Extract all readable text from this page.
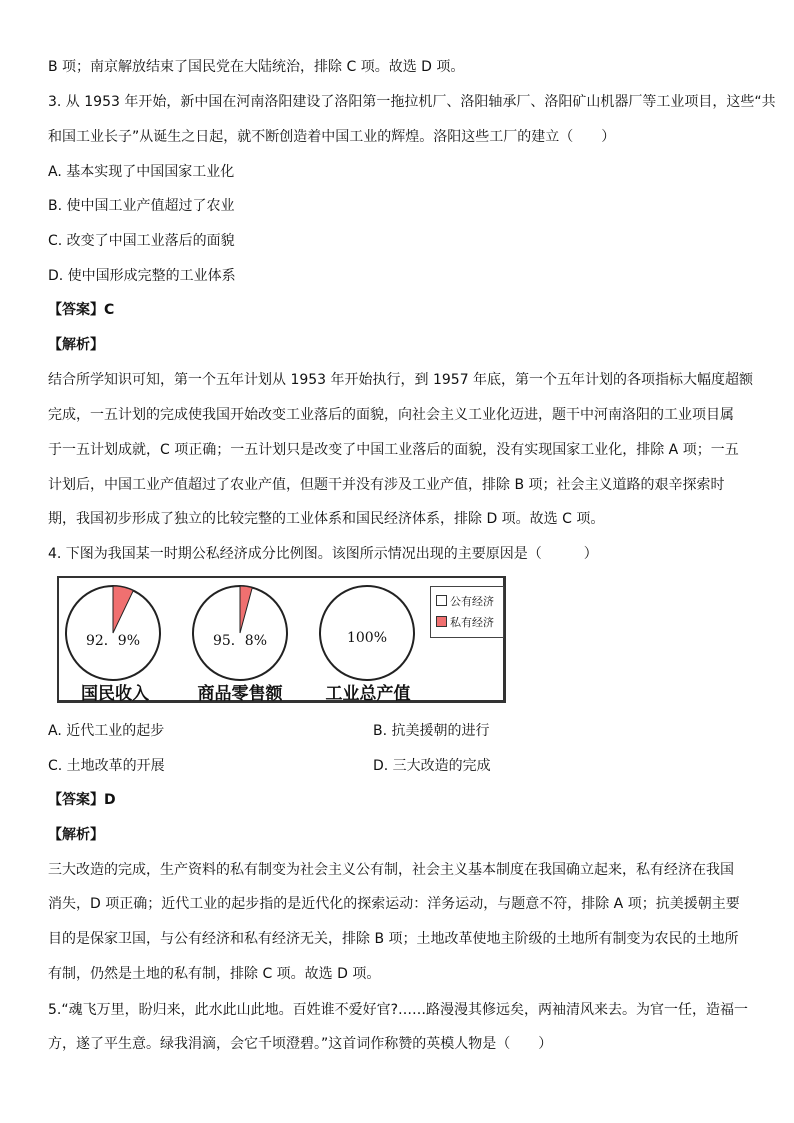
B 项；南京解放结束了国民党在大陆统治，排除 C 项。故选 D 项。
3. 从 1953 年开始，新中国在河南洛阳建设了洛阳第一拖拉机厂、洛阳轴承厂、洛阳矿山机器厂等工业项目，这些“共
和国工业长子”从诞生之日起，就不断创造着中国工业的辉煌。洛阳这些工厂的建立（　　）
A. 基本实现了中国国家工业化
B. 使中国工业产值超过了农业
C. 改变了中国工业落后的面貌
D. 使中国形成完整的工业体系
【答案】C
【解析】
结合所学知识可知，第一个五年计划从 1953 年开始执行，到 1957 年底，第一个五年计划的各项指标大幅度超额
完成，一五计划的完成使我国开始改变工业落后的面貌，向社会主义工业化迈进，题干中河南洛阳的工业项目属
于一五计划成就，C 项正确；一五计划只是改变了中国工业落后的面貌，没有实现国家工业化，排除 A 项；一五
计划后，中国工业产值超过了农业产值，但题干并没有涉及工业产值，排除 B 项；社会主义道路的艰辛探索时
期，我国初步形成了独立的比较完整的工业体系和国民经济体系，排除 D 项。故选 C 项。
4. 下图为我国某一时期公私经济成分比例图。该图所示情况出现的主要原因是（　　　）
92．9%	95．8%	100%
国民收入	商品零售额	工业总产值
公有经济
私有经济
A. 近代工业的起步	B. 抗美援朝的进行
C. 土地改革的开展	D. 三大改造的完成
【答案】D
【解析】
三大改造的完成，生产资料的私有制变为社会主义公有制，社会主义基本制度在我国确立起来，私有经济在我国
消失，D 项正确；近代工业的起步指的是近代化的探索运动：洋务运动，与题意不符，排除 A 项；抗美援朝主要
目的是保家卫国，与公有经济和私有经济无关，排除 B 项；土地改革使地主阶级的土地所有制变为农民的土地所
有制，仍然是土地的私有制，排除 C 项。故选 D 项。
5.“魂飞万里，盼归来，此水此山此地。百姓谁不爱好官?……路漫漫其修远矣，两袖清风来去。为官一任，造福一
方，遂了平生意。绿我涓滴，会它千顷澄碧。”这首词作称赞的英模人物是（　　）
